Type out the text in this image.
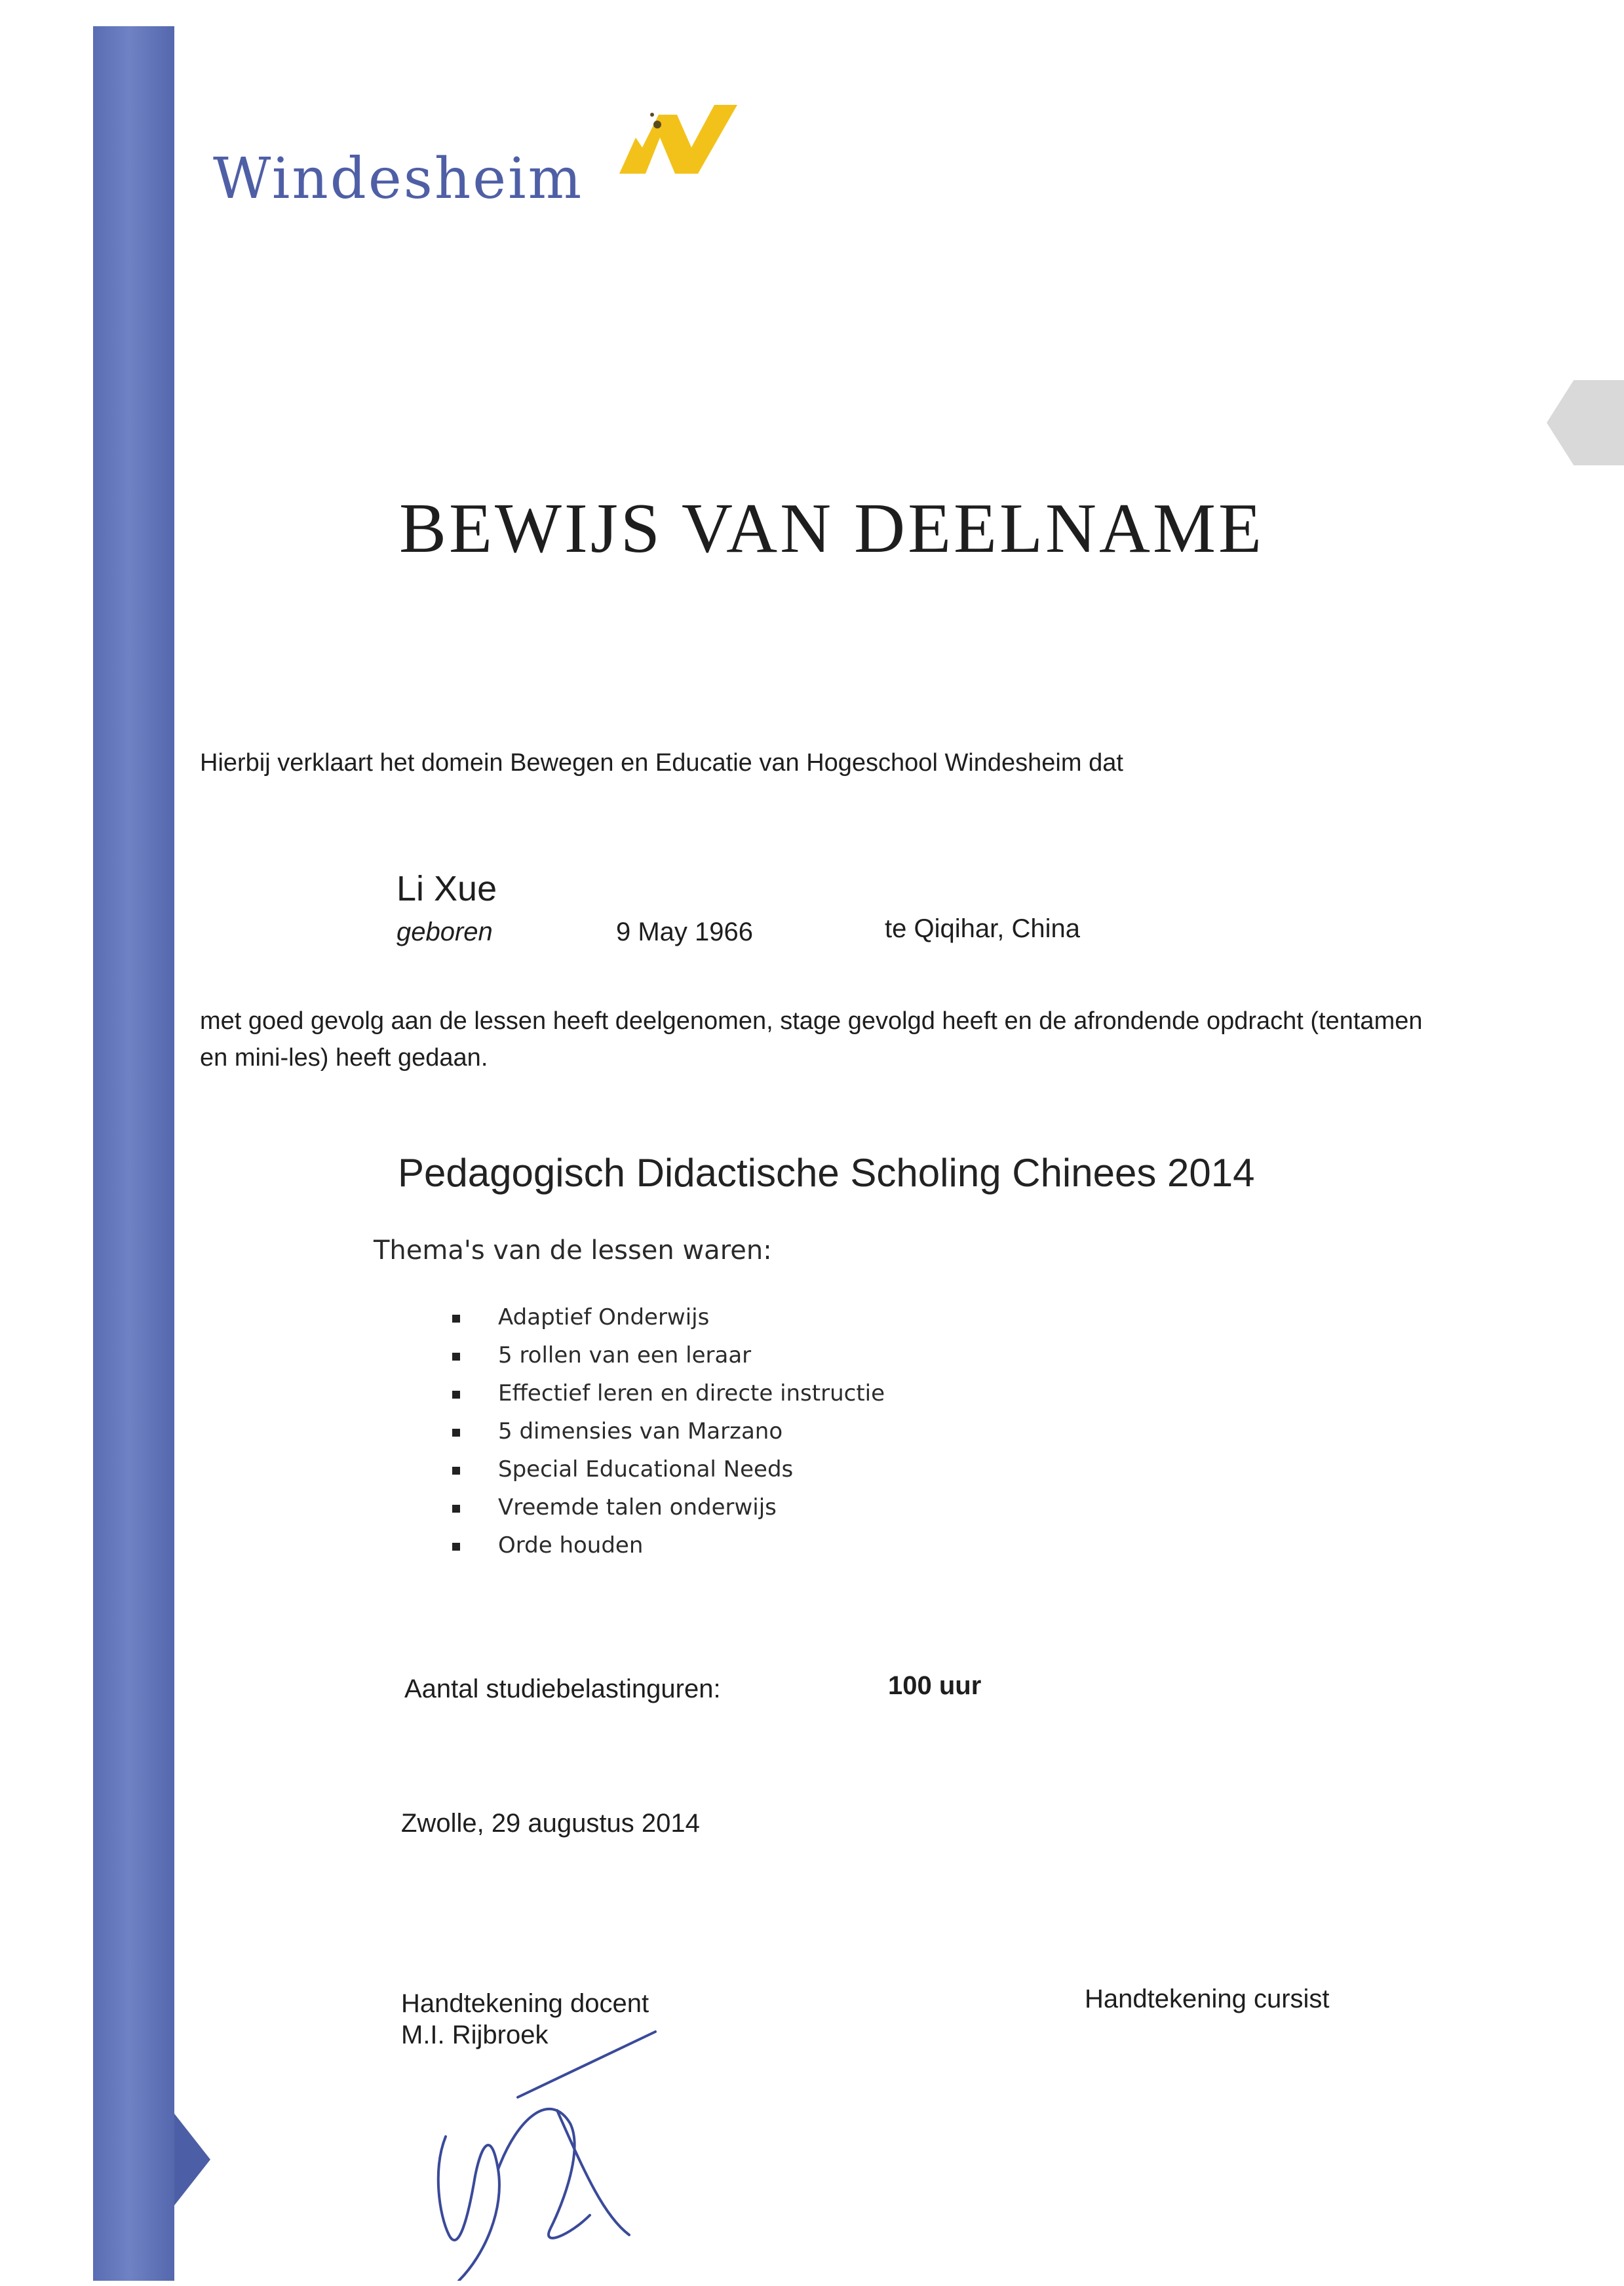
Windesheim
BEWIJS VAN DEELNAME
Hierbij verklaart het domein Bewegen en Educatie van Hogeschool Windesheim dat
Li Xue
geboren	9 May 1966	te Qiqihar, China
met goed gevolg aan de lessen heeft deelgenomen, stage gevolgd heeft en de afrondende opdracht (tentamen en mini-les) heeft gedaan.
Pedagogisch Didactische Scholing Chinees 2014
Thema's van de lessen waren:
Adaptief Onderwijs
5 rollen van een leraar
Effectief leren en directe instructie
5 dimensies van Marzano
Special Educational Needs
Vreemde talen onderwijs
Orde houden
Aantal studiebelastinguren:	100 uur
Zwolle, 29 augustus 2014
Handtekening docent
M.I. Rijbroek
Handtekening cursist
